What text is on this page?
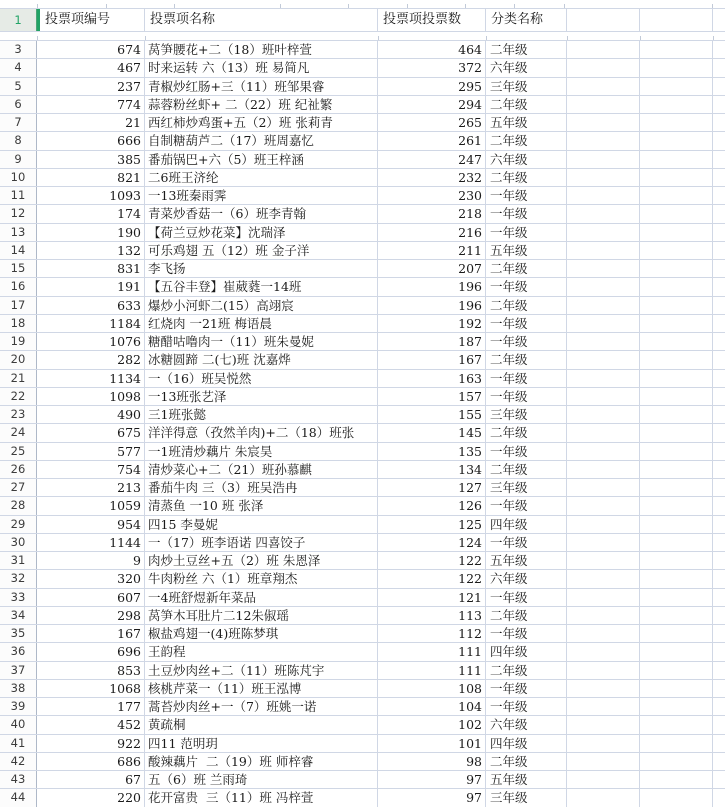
1	投票项编号	投票项名称	投票项投票数	分类名称
3	674 莴笋腰花+二（18）班叶梓萱	464 二年级
4	467 时来运转 六（13）班 易简凡	372 六年级
5	237 青椒炒红肠+三（11）班邹果睿	295 三年级
6	774 蒜蓉粉丝虾+ 二（22）班 纪祉繁	294 二年级
7	21 西红柿炒鸡蛋+五（2）班 张莉青	265 五年级
8	666 自制糖葫芦二（17）班周嘉忆	261 二年级
9	385 番茄锅巴+六（5）班王梓涵	247 六年级
10	821 二6班王济纶	232 二年级
11	1093 一13班秦雨霁	230 一年级
12	174 青菜炒香菇一（6）班李青翰	218 一年级
13	190 【荷兰豆炒花菜】沈瑞泽	216 一年级
14	132 可乐鸡翅 五（12）班 金子洋	211 五年级
15	831 李飞扬	207 二年级
16	191 【五谷丰登】崔葳蕤一14班	196 一年级
17	633 爆炒小河虾二(15）高翊宸	196 二年级
18	1184 红烧肉 一21班 梅语晨	192 一年级
19	1076 糖醋咕噜肉一（11）班朱曼妮	187 一年级
20	282 冰糖圆蹄 二(七)班 沈嘉烨	167 二年级
21	1134 一（16）班吴悦然	163 一年级
22	1098 一13班张艺泽	157 一年级
23	490 三1班张懿	155 三年级
24	675 洋洋得意（孜然羊肉)+二（18）班张	145 二年级
25	577 一1班清炒藕片 朱宸昊	135 一年级
26	754 清炒菜心+二（21）班孙慕麒	134 二年级
27	213 番茄牛肉 三（3）班吴浩冉	127 三年级
28	1059 清蒸鱼 一10 班 张泽	126 一年级
29	954 四15 李曼妮	125 四年级
30	1144 一（17）班李语诺 四喜饺子	124 一年级
31	9 肉炒土豆丝+五（2）班 朱恩泽	122 五年级
32	320 牛肉粉丝 六（1）班章翔杰	122 六年级
33	607 一4班舒煜新年菜品	121 一年级
34	298 莴笋木耳肚片二12朱俶瑶	113 二年级
35	167 椒盐鸡翅一(4)班陈梦琪	112 一年级
36	696 王韵程	111 四年级
37	853 土豆炒肉丝+二（11）班陈芃宇	111 二年级
38	1068 核桃芹菜一（11）班王泓博	108 一年级
39	177 蒿苔炒肉丝+一（7）班姚一诺	104 一年级
40	452 黄疏桐	102 六年级
41	922 四11 范明玥	101 四年级
42	686 酸辣藕片  二（19）班 师梓睿	98 二年级
43	67 五（6）班 兰雨琦	97 五年级
44	220 花开富贵  三（11）班 冯梓萱	97 三年级
